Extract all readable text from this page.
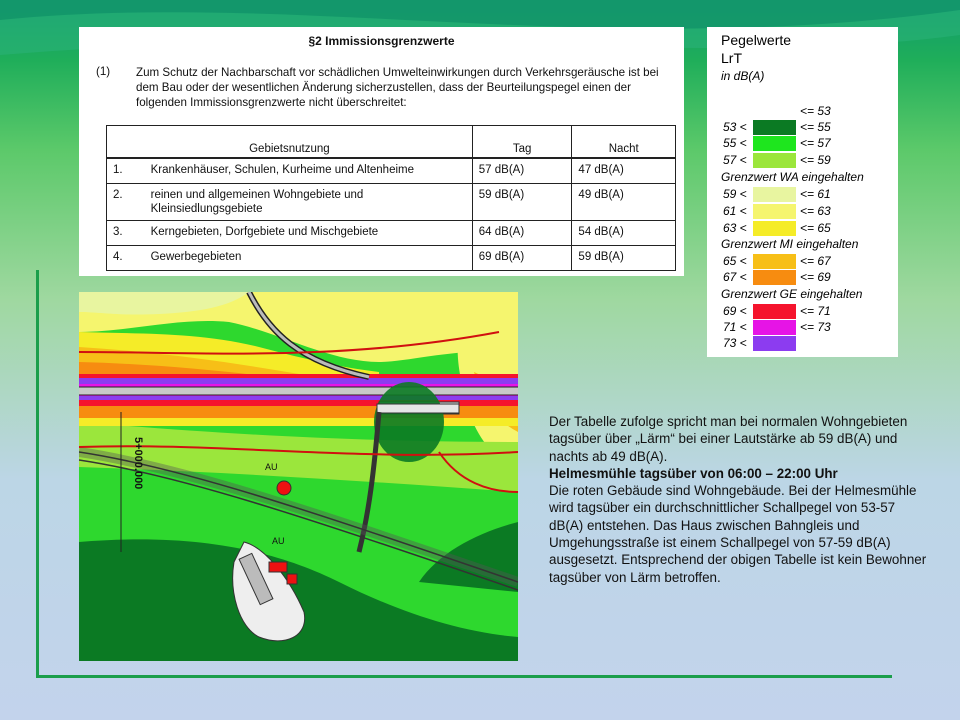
§2 Immissionsgrenzwerte
(1) Zum Schutz der Nachbarschaft vor schädlichen Umwelteinwirkungen durch Verkehrsgeräusche ist bei dem Bau oder der wesentlichen Änderung sicherzustellen, dass der Beurteilungspegel einen der folgenden Immissionsgrenzwerte nicht überschreitet:
Gebietsnutzung		Tag	Nacht
1.	Krankenhäuser, Schulen, Kurheime und Altenheime	57 dB(A)	47 dB(A)
2.	reinen und allgemeinen Wohngebiete und Kleinsiedlungsgebiete	59 dB(A)	49 dB(A)
3.	Kerngebieten, Dorfgebiete und Mischgebiete	64 dB(A)	54 dB(A)
4.	Gewerbegebieten	69 dB(A)	59 dB(A)
Pegelwerte
LrT
in dB(A)
<= 53
53 <	<= 55
55 <	<= 57
57 <	<= 59
Grenzwert WA eingehalten
59 <	<= 61
61 <	<= 63
63 <	<= 65
Grenzwert MI eingehalten
65 <	<= 67
67 <	<= 69
Grenzwert GE eingehalten
69 <	<= 71
71 <	<= 73
73 <
5+000.000	AU
AU

Der Tabelle zufolge spricht man bei normalen Wohngebieten tagsüber über „Lärm“ bei einer Lautstärke ab 59 dB(A) und nachts ab 49 dB(A).

Helmesmühle tagsüber von 06:00 – 22:00 Uhr

Die roten Gebäude sind Wohngebäude. Bei der Helmesmühle wird tagsüber ein durchschnittlicher Schallpegel von 53-57 dB(A) entstehen. Das Haus zwischen Bahngleis und Umgehungsstraße ist einem Schallpegel von 57-59 dB(A) ausgesetzt. Entsprechend der obigen Tabelle ist kein Bewohner tagsüber von Lärm betroffen.
